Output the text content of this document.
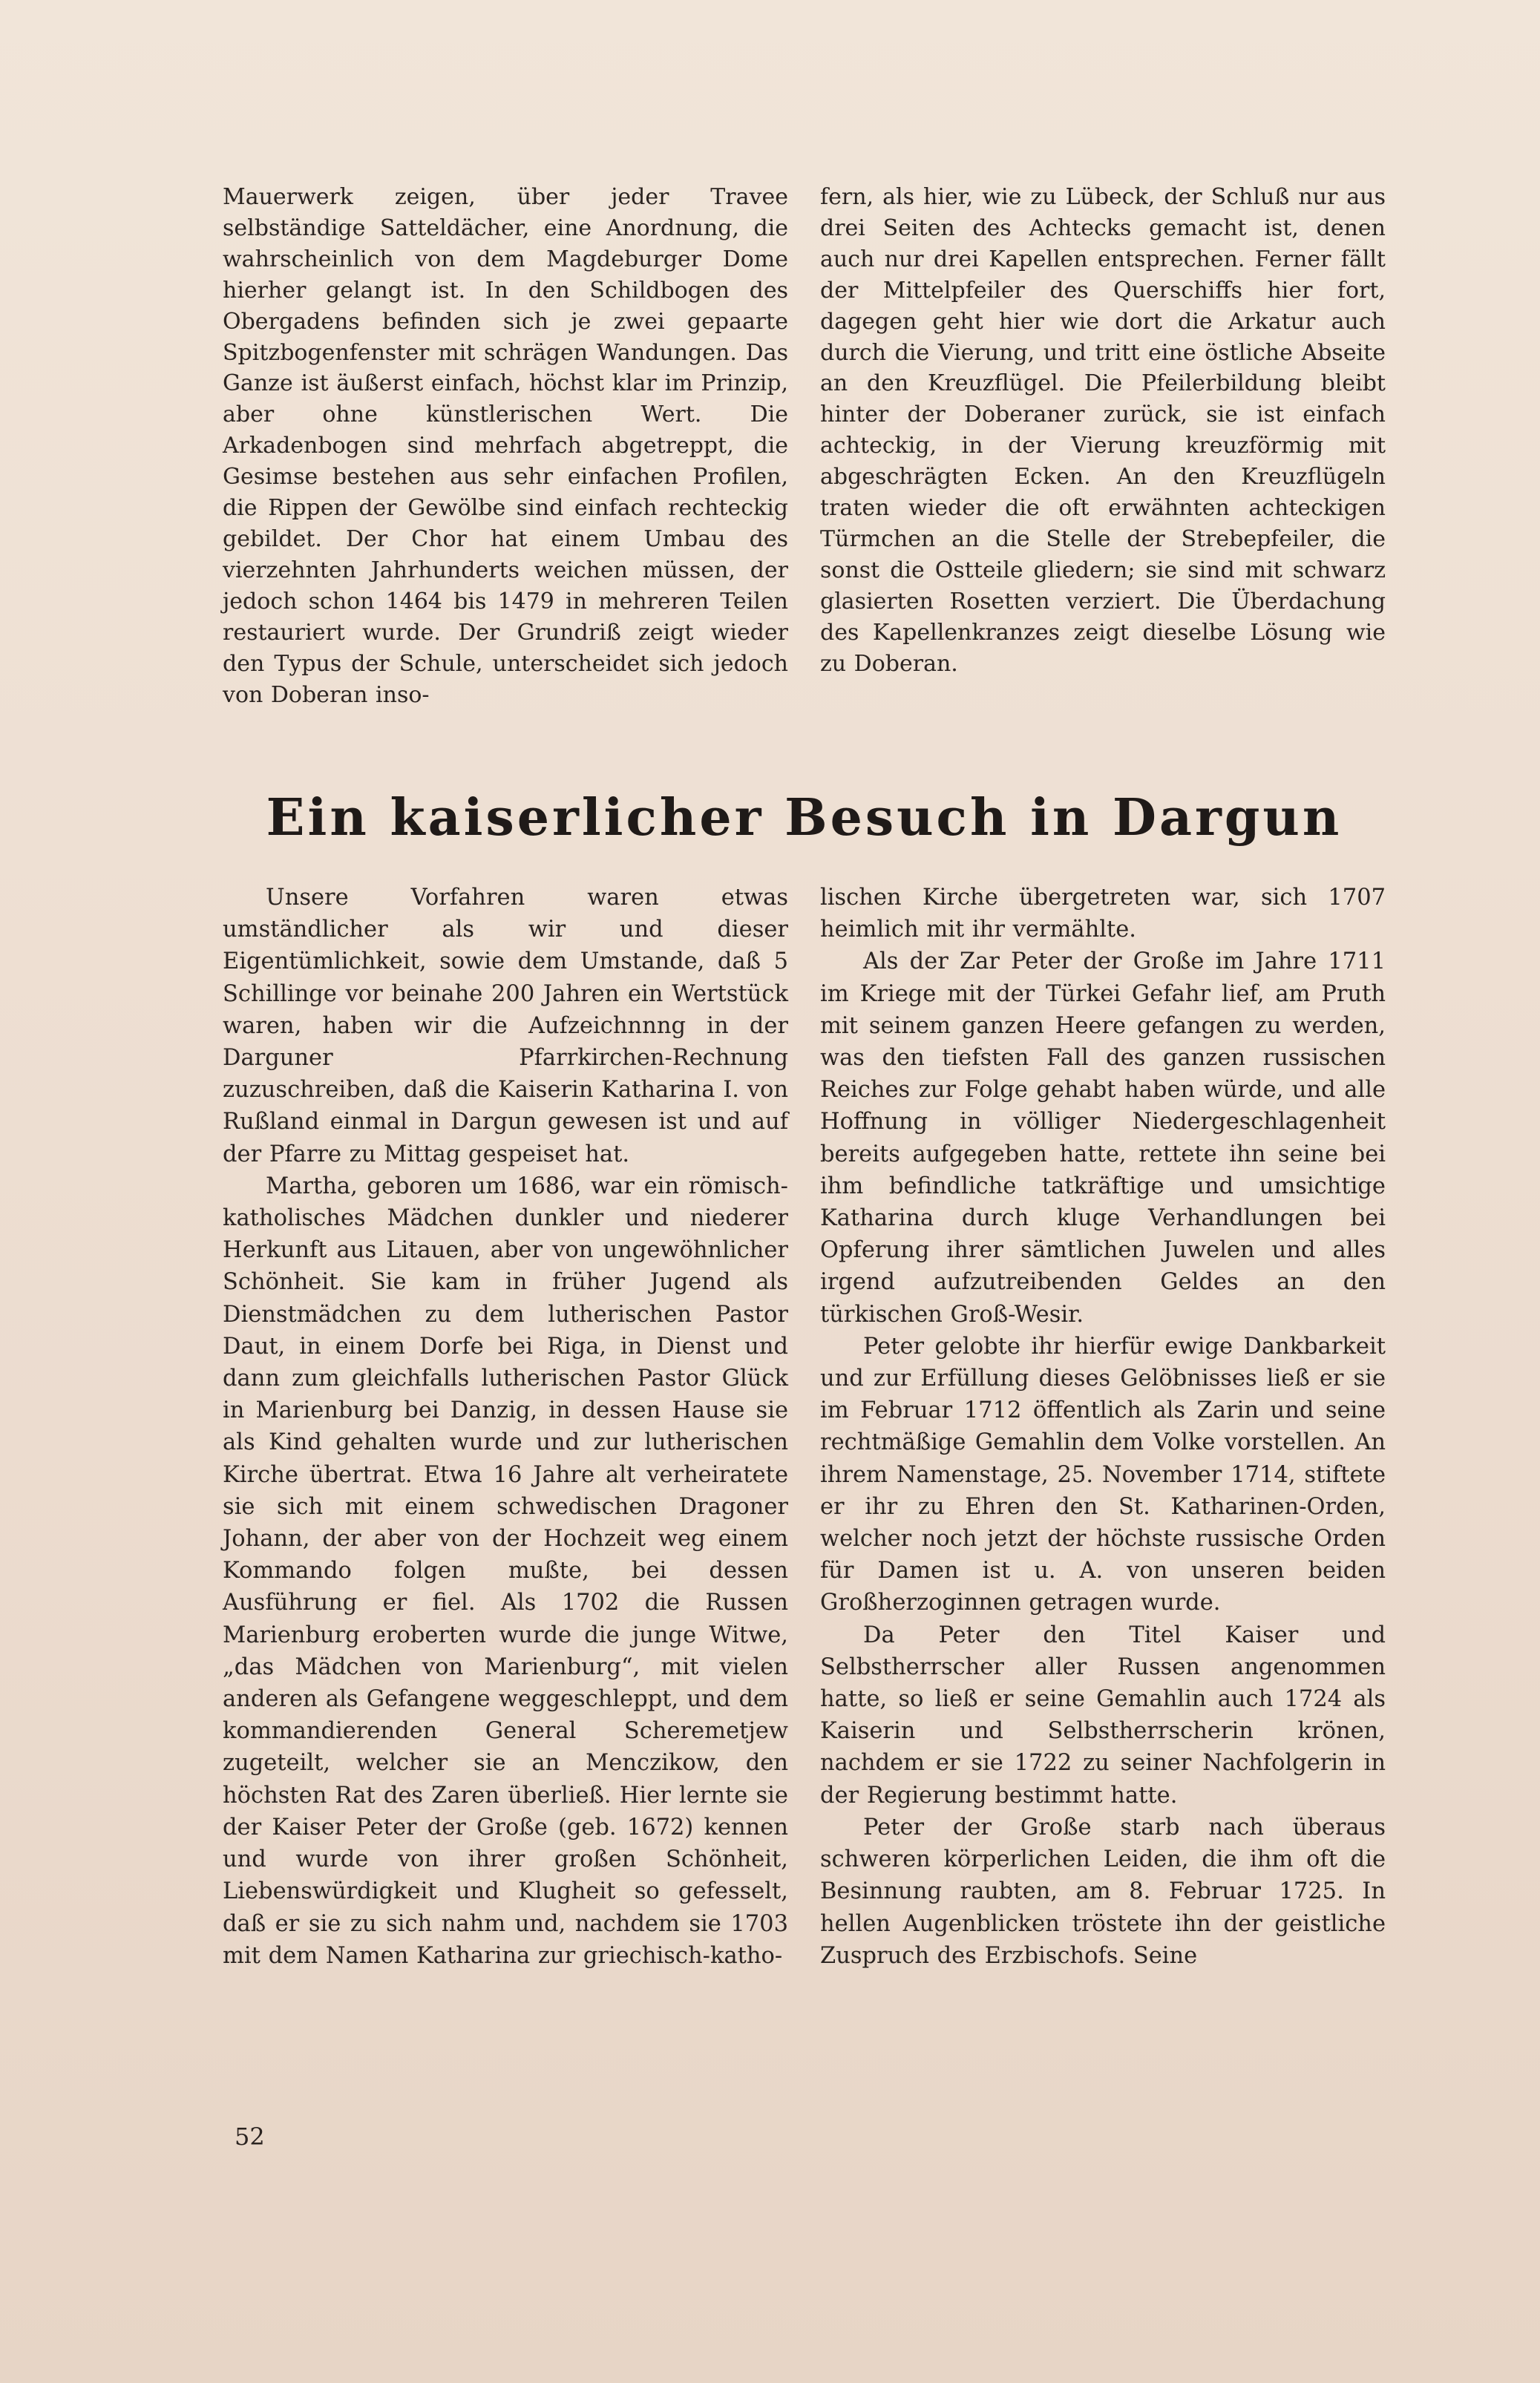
Mauerwerk zeigen, über jeder Travee selbständige Satteldächer, eine Anordnung, die wahrscheinlich von dem Magdeburger Dome hierher gelangt ist. In den Schildbogen des Obergadens befinden sich je zwei gepaarte Spitzbogenfenster mit schrägen Wandungen. Das Ganze ist äußerst einfach, höchst klar im Prinzip, aber ohne künstlerischen Wert. Die Arkadenbogen sind mehrfach abgetreppt, die Gesimse bestehen aus sehr einfachen Profilen, die Rippen der Gewölbe sind einfach rechteckig gebildet. Der Chor hat einem Umbau des vierzehnten Jahrhunderts weichen müssen, der jedoch schon 1464 bis 1479 in mehreren Teilen restauriert wurde. Der Grundriß zeigt wieder den Typus der Schule, unterscheidet sich jedoch von Doberan inso-

fern, als hier, wie zu Lübeck, der Schluß nur aus drei Seiten des Achtecks gemacht ist, denen auch nur drei Kapellen entsprechen. Ferner fällt der Mittelpfeiler des Querschiffs hier fort, dagegen geht hier wie dort die Arkatur auch durch die Vierung, und tritt eine östliche Abseite an den Kreuzflügel. Die Pfeilerbildung bleibt hinter der Doberaner zurück, sie ist einfach achteckig, in der Vierung kreuzförmig mit abgeschrägten Ecken. An den Kreuzflügeln traten wieder die oft erwähnten achteckigen Türmchen an die Stelle der Strebepfeiler, die sonst die Ostteile gliedern; sie sind mit schwarz glasierten Rosetten verziert. Die Überdachung des Kapellenkranzes zeigt dieselbe Lösung wie zu Doberan.

Ein kaiserlicher Besuch in Dargun

Unsere Vorfahren waren etwas umständlicher als wir und dieser Eigentümlichkeit, sowie dem Umstande, daß 5 Schillinge vor beinahe 200 Jahren ein Wertstück waren, haben wir die Aufzeichnnng in der Darguner Pfarrkirchen-Rechnung zuzuschreiben, daß die Kaiserin Katharina I. von Rußland einmal in Dargun gewesen ist und auf der Pfarre zu Mittag gespeiset hat.

Martha, geboren um 1686, war ein römisch-katholisches Mädchen dunkler und niederer Herkunft aus Litauen, aber von ungewöhnlicher Schönheit. Sie kam in früher Jugend als Dienstmädchen zu dem lutherischen Pastor Daut, in einem Dorfe bei Riga, in Dienst und dann zum gleichfalls lutherischen Pastor Glück in Marienburg bei Danzig, in dessen Hause sie als Kind gehalten wurde und zur lutherischen Kirche übertrat. Etwa 16 Jahre alt verheiratete sie sich mit einem schwedischen Dragoner Johann, der aber von der Hochzeit weg einem Kommando folgen mußte, bei dessen Ausführung er fiel. Als 1702 die Russen Marienburg eroberten wurde die junge Witwe, „das Mädchen von Marienburg“, mit vielen anderen als Gefangene weggeschleppt, und dem kommandierenden General Scheremetjew zugeteilt, welcher sie an Menczikow, den höchsten Rat des Zaren überließ. Hier lernte sie der Kaiser Peter der Große (geb. 1672) kennen und wurde von ihrer großen Schönheit, Liebenswürdigkeit und Klugheit so gefesselt, daß er sie zu sich nahm und, nachdem sie 1703 mit dem Namen Katharina zur griechisch-katho-

lischen Kirche übergetreten war, sich 1707 heimlich mit ihr vermählte.

Als der Zar Peter der Große im Jahre 1711 im Kriege mit der Türkei Gefahr lief, am Pruth mit seinem ganzen Heere gefangen zu werden, was den tiefsten Fall des ganzen russischen Reiches zur Folge gehabt haben würde, und alle Hoffnung in völliger Niedergeschlagenheit bereits aufgegeben hatte, rettete ihn seine bei ihm befindliche tatkräftige und umsichtige Katharina durch kluge Verhandlungen bei Opferung ihrer sämtlichen Juwelen und alles irgend aufzutreibenden Geldes an den türkischen Groß-Wesir.

Peter gelobte ihr hierfür ewige Dankbarkeit und zur Erfüllung dieses Gelöbnisses ließ er sie im Februar 1712 öffentlich als Zarin und seine rechtmäßige Gemahlin dem Volke vorstellen. An ihrem Namenstage, 25. November 1714, stiftete er ihr zu Ehren den St. Katharinen-Orden, welcher noch jetzt der höchste russische Orden für Damen ist u. A. von unseren beiden Großherzoginnen getragen wurde.

Da Peter den Titel Kaiser und Selbstherrscher aller Russen angenommen hatte, so ließ er seine Gemahlin auch 1724 als Kaiserin und Selbstherrscherin krönen, nachdem er sie 1722 zu seiner Nachfolgerin in der Regierung bestimmt hatte.

Peter der Große starb nach überaus schweren körperlichen Leiden, die ihm oft die Besinnung raubten, am 8. Februar 1725. In hellen Augenblicken tröstete ihn der geistliche Zuspruch des Erzbischofs. Seine

52
